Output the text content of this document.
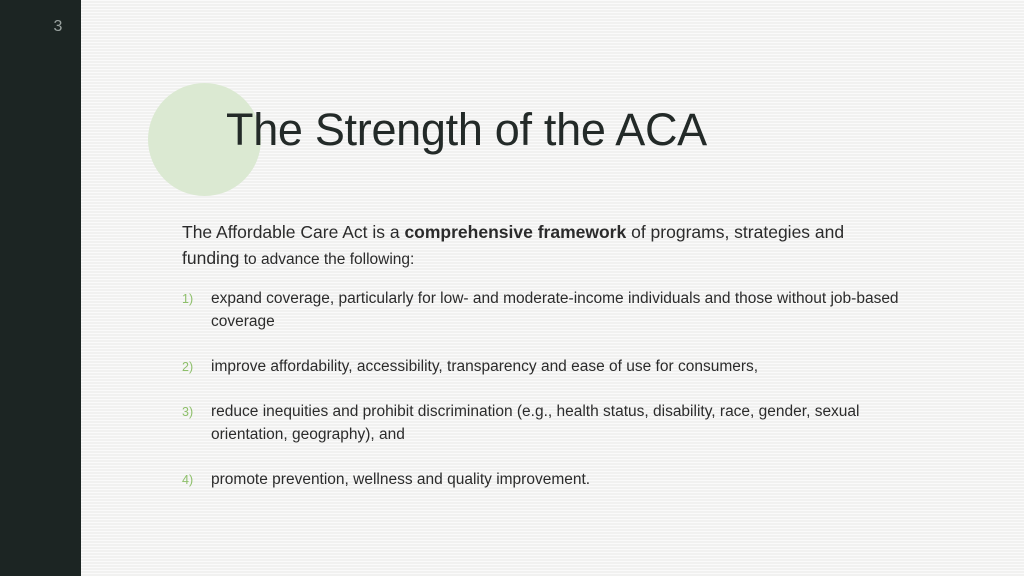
3
The Strength of the ACA

The Affordable Care Act is a comprehensive framework of programs, strategies and funding to advance the following:

1) expand coverage, particularly for low- and moderate-income individuals and those without job-based coverage
2) improve affordability, accessibility, transparency and ease of use for consumers,
3) reduce inequities and prohibit discrimination (e.g., health status, disability, race, gender, sexual orientation, geography), and
4) promote prevention, wellness and quality improvement.
